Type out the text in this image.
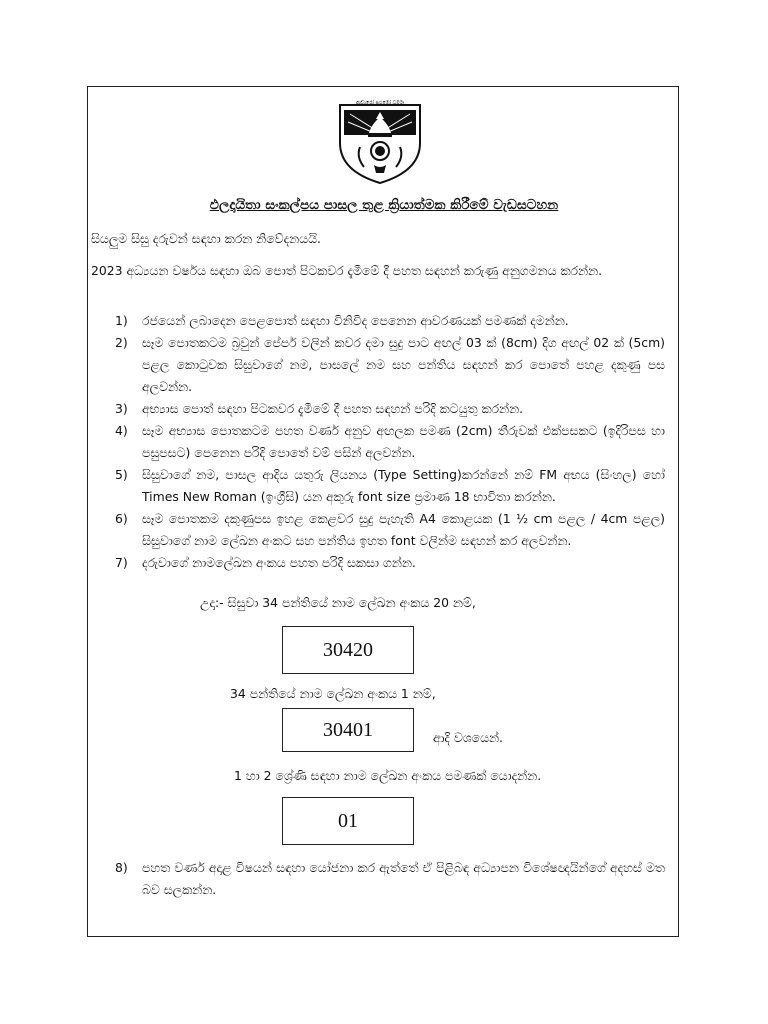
ආචාරෝ ප්‍රථමෝ ධර්මඃ
ඵලදායිතා සංකල්පය පාසල තුළ ක්‍රියාත්මක කිරීමේ වැඩසටහන
සියලුම සිසු දරුවන් සඳහා කරන නිවේදනයයි.
2023 අධ්‍යයන වර්ෂය සඳහා ඔබ පොත් පිටකවර දැමීමේ දී පහත සඳහන් කරුණු අනුගමනය කරන්න.
1) රජයෙන් ලබාදෙන පෙළපොත් සඳහා විනිවිද පෙනෙන ආවරණයක් පමණක් දමන්න.
2) සෑම පොතකටම බ්‍රවුන් පේපර් වලින් කවර දමා සුදු පාට අඟල් 03 ක් (8cm) දිග අඟල් 02 ක් (5cm) පළල කොටුවක සිසුවාගේ නම, පාසලේ නම සහ පන්තිය සඳහන් කර පොතේ පහළ දකුණු පස අලවන්න.
3) අභ්‍යාස පොත් සඳහා පිටකවර දැමීමේ දී පහත සඳහන් පරිදි කටයුතු කරන්න.
4) සෑම අභ්‍යාස පොතකටම පහත වර්ණ අනුව අඟලක පමණ (2cm) තීරුවක් එක්පසකට (ඉදිරිපස හා පසුපසට) පෙනෙන පරිදි පොතේ වම් පසින් අලවන්න.
5) සිසුවාගේ නම, පාසල ආදිය යතුරු ලියනය (Type Setting)කරන්නේ නම් FM අභය (සිංහල) හෝ Times New Roman (ඉංග්‍රීසි) යන අකුරු font size ප්‍රමාණ 18 භාවිතා කරන්න.
6) සෑම පොතකම දකුණුපස ඉහළ කෙළවර සුදු පැහැති A4 කොළයක (1 ½ cm පළල / 4cm පළල) සිසුවාගේ නාම ලේඛන අංකට සහ පන්තිය ඉහත font වලින්ම සඳහන් කර අලවන්න.
7) දරුවාගේ නාමලේඛන අංකය පහත පරිදි සකසා ගන්න.
උදා:- සිසුවා 34 පන්තියේ නාම ලේඛන අංකය 20 නම්,
30420
34 පන්තියේ නාම ලේඛන අංකය 1 නම්,
30401	ආදි වශයෙන්.
1 හා 2 ශ්‍රේණි සඳහා නාම ලේඛන අංකය පමණක් යොදන්න.
01
8) පහත වර්ණ අදාළ විෂයන් සඳහා යෝජනා කර ඇත්තේ ඒ පිළිබඳ අධ්‍යාපන විශේෂඥයින්ගේ අදහස් මත බව සලකන්න.
